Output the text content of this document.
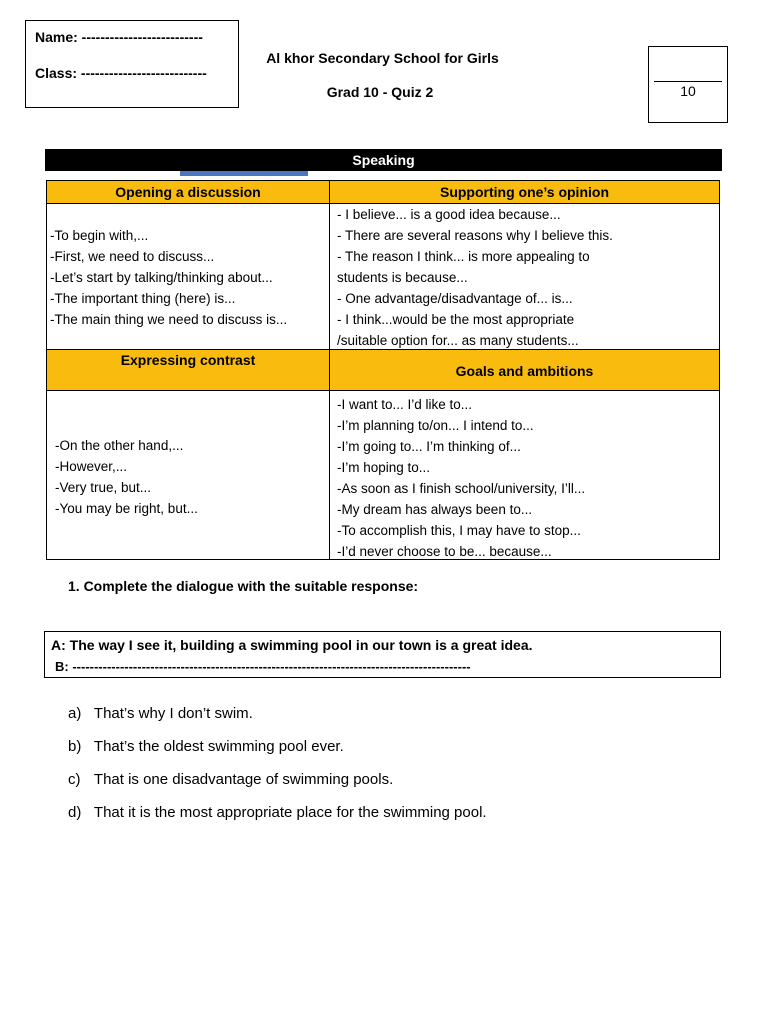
Name: --------------------------
Class: ---------------------------
Al khor Secondary School for Girls
Grad 10 - Quiz 2	10
Speaking
Opening a discussion	Supporting one’s opinion
-To begin with,...
-First, we need to discuss...
-Let’s start by talking/thinking about...
-The important thing (here) is...
-The main thing we need to discuss is...
- I believe... is a good idea because...
- There are several reasons why I believe this.
- The reason I think... is more appealing to
students is because...
- One advantage/disadvantage of... is...
- I think...would be the most appropriate
/suitable option for... as many students...
Expressing contrast
Goals and ambitions
-On the other hand,...
-However,...
-Very true, but...
-You may be right, but...
-I want to... I’d like to...
-I’m planning to/on... I intend to...
-I’m going to... I’m thinking of...
-I’m hoping to...
-As soon as I finish school/university, I’ll...
-My dream has always been to...
-To accomplish this, I may have to stop...
-I’d never choose to be... because...
1. Complete the dialogue with the suitable response:
A: The way I see it, building a swimming pool in our town is a great idea.
B: --------------------------------------------------------------------------------------------
a) That’s why I don’t swim.
b) That’s the oldest swimming pool ever.
c) That is one disadvantage of swimming pools.
d) That it is the most appropriate place for the swimming pool.
